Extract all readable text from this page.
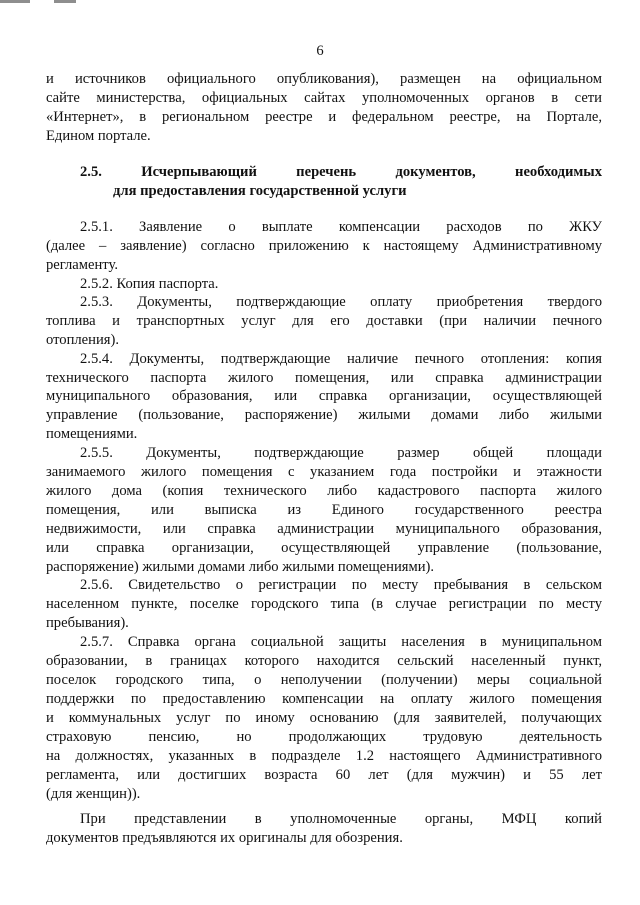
6
и источников официального опубликования), размещен на официальном
сайте министерства, официальных сайтах уполномоченных органов в сети
«Интернет», в региональном реестре и федеральном реестре, на Портале,
Едином портале.
2.5. Исчерпывающий перечень документов, необходимых
для предоставления государственной услуги
2.5.1. Заявление о выплате компенсации расходов по ЖКУ
(далее – заявление) согласно приложению к настоящему Административному
регламенту.
2.5.2. Копия паспорта.
2.5.3. Документы, подтверждающие оплату приобретения твердого
топлива и транспортных услуг для его доставки (при наличии печного
отопления).
2.5.4. Документы, подтверждающие наличие печного отопления: копия
технического паспорта жилого помещения, или справка администрации
муниципального образования, или справка организации, осуществляющей
управление (пользование, распоряжение) жилыми домами либо жилыми
помещениями.
2.5.5. Документы, подтверждающие размер общей площади
занимаемого жилого помещения с указанием года постройки и этажности
жилого дома (копия технического либо кадастрового паспорта жилого
помещения, или выписка из Единого государственного реестра
недвижимости, или справка администрации муниципального образования,
или справка организации, осуществляющей управление (пользование,
распоряжение) жилыми домами либо жилыми помещениями).
2.5.6. Свидетельство о регистрации по месту пребывания в сельском
населенном пункте, поселке городского типа (в случае регистрации по месту
пребывания).
2.5.7. Справка органа социальной защиты населения в муниципальном
образовании, в границах которого находится сельский населенный пункт,
поселок городского типа, о неполучении (получении) меры социальной
поддержки по предоставлению компенсации на оплату жилого помещения
и коммунальных услуг по иному основанию (для заявителей, получающих
страховую пенсию, но продолжающих трудовую деятельность
на должностях, указанных в подразделе 1.2 настоящего Административного
регламента, или достигших возраста 60 лет (для мужчин) и 55 лет
(для женщин)).
При представлении в уполномоченные органы, МФЦ копий
документов предъявляются их оригиналы для обозрения.
